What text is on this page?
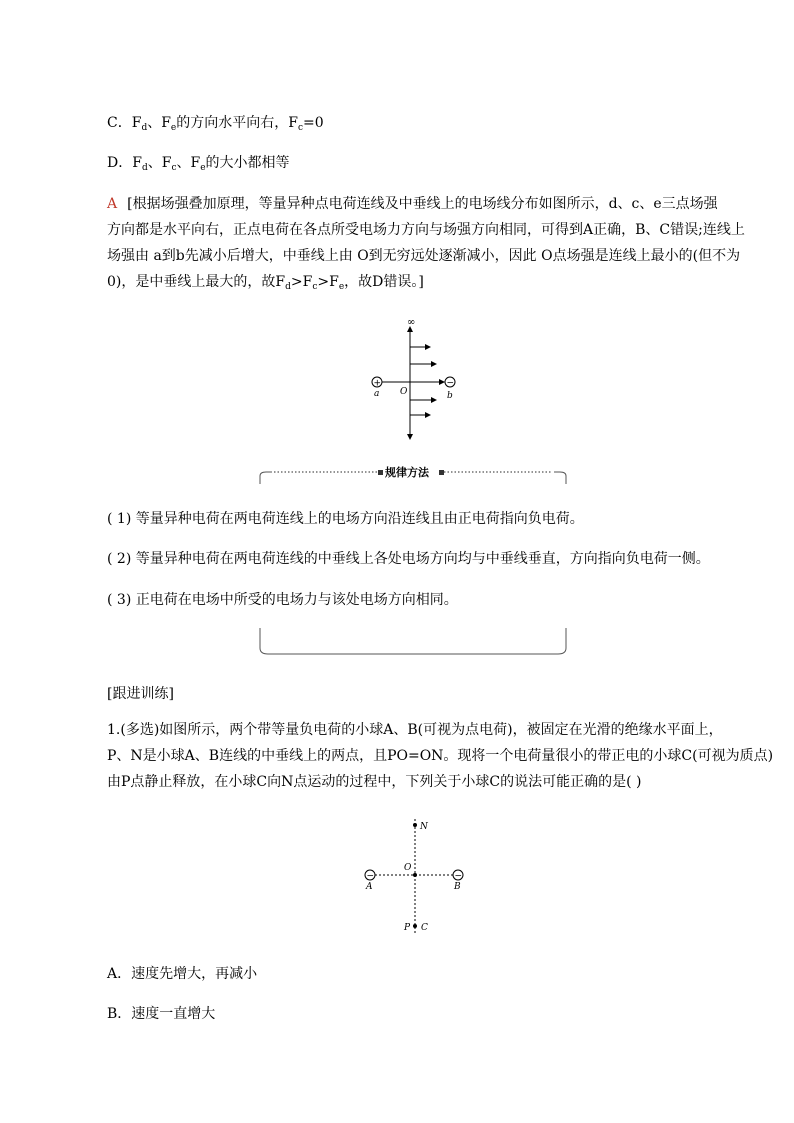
C．$F_d$、$F_e$的方向水平向右，$F_c=0$
D．$F_d$、$F_c$、$F_e$的大小都相等
A [根据场强叠加原理，等量异种点电荷连线及中垂线上的电场线分布如图所示，d、c、e三点场强
方向都是水平向右，正点电荷在各点所受电场力方向与场强方向相同，可得到A正确，B、C错误;连线上
场强由 a到b先减小后增大，中垂线上由 O到无穷远处逐渐减小，因此 O点场强是连线上最小的(但不为
0)，是中垂线上最大的，故$F_d>F_c>F_e$，故D错误。]
∞
+	−
a O	b
规律方法
( 1) 等量异种电荷在两电荷连线上的电场方向沿连线且由正电荷指向负电荷。
( 2) 等量异种电荷在两电荷连线的中垂线上各处电场方向均与中垂线垂直，方向指向负电荷一侧。
( 3) 正电荷在电场中所受的电场力与该处电场方向相同。
[跟进训练]
1.(多选)如图所示，两个带等量负电荷的小球A、B(可视为点电荷)，被固定在光滑的绝缘水平面上，
P、N是小球A、B连线的中垂线上的两点，且PO=ON。现将一个电荷量很小的带正电的小球C(可视为质点)
由P点静止释放，在小球C向N点运动的过程中，下列关于小球C的说法可能正确的是( )
−	−
N
O
A	B
P C
A．速度先增大，再减小
B．速度一直增大
